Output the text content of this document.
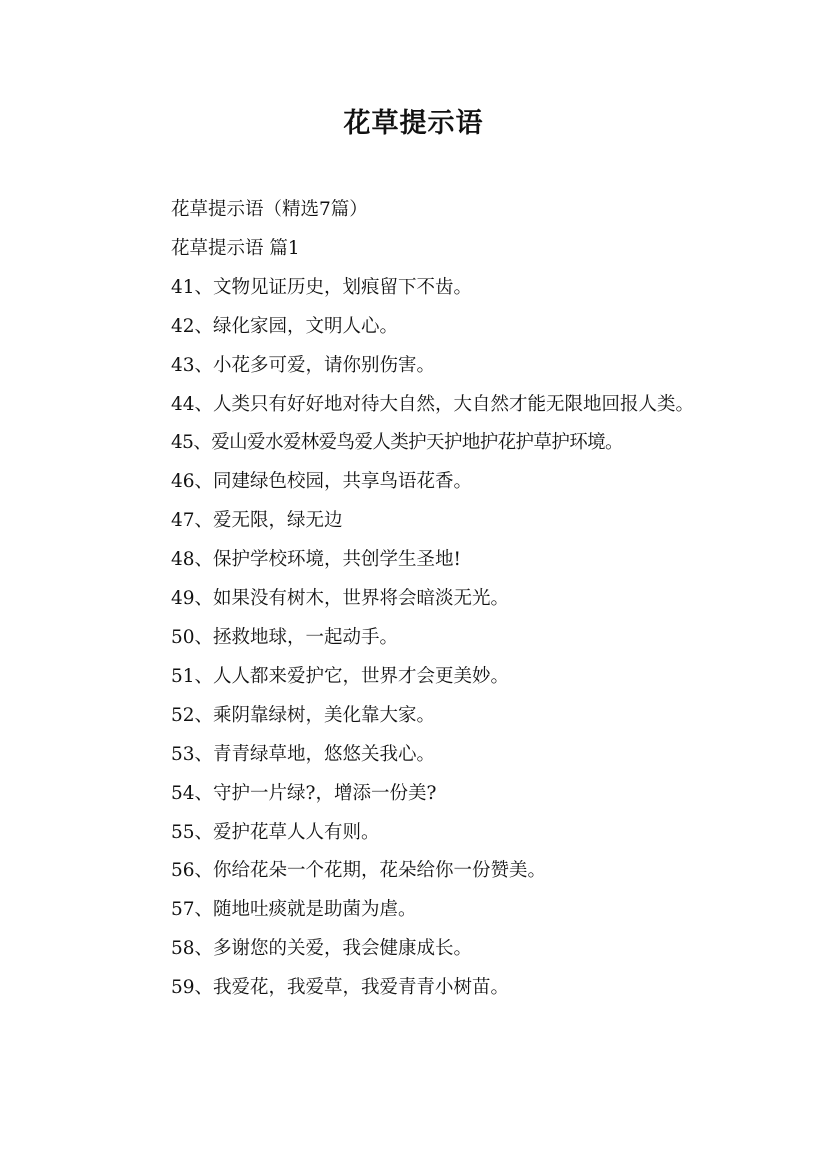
花草提示语

花草提示语（精选7篇）

花草提示语 篇1

41、文物见证历史，划痕留下不齿。

42、绿化家园，文明人心。

43、小花多可爱，请你别伤害。

44、人类只有好好地对待大自然，大自然才能无限地回报人类。

45、爱山爱水爱林爱鸟爱人类护天护地护花护草护环境。

46、同建绿色校园，共享鸟语花香。

47、爱无限，绿无边

48、保护学校环境，共创学生圣地!

49、如果没有树木，世界将会暗淡无光。

50、拯救地球，一起动手。

51、人人都来爱护它，世界才会更美妙。

52、乘阴靠绿树，美化靠大家。

53、青青绿草地，悠悠关我心。

54、守护一片绿?，增添一份美?

55、爱护花草人人有则。

56、你给花朵一个花期，花朵给你一份赞美。

57、随地吐痰就是助菌为虐。

58、多谢您的关爱，我会健康成长。

59、我爱花，我爱草，我爱青青小树苗。
